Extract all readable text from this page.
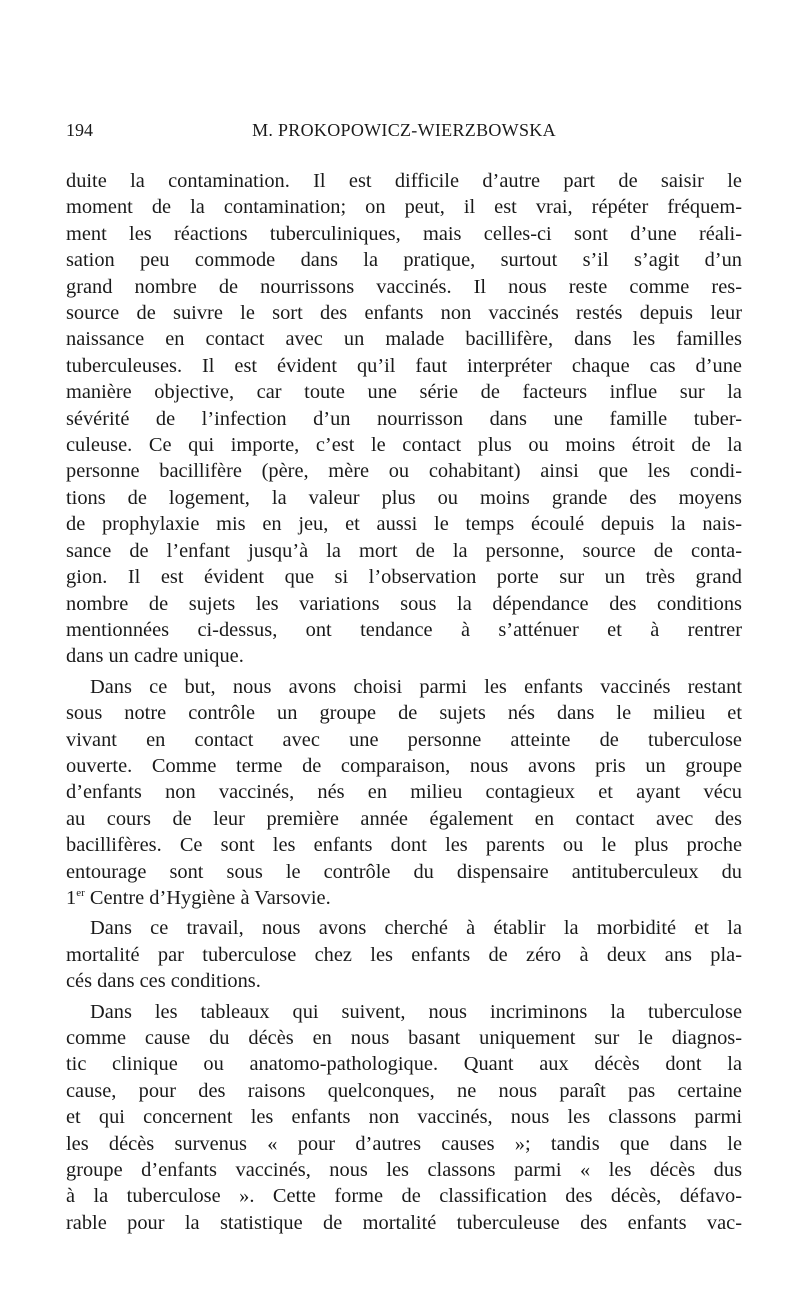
194	M. PROKOPOWICZ-WIERZBOWSKA
duite la contamination. Il est difficile d’autre part de saisir le
moment de la contamination; on peut, il est vrai, répéter fréquem-
ment les réactions tuberculiniques, mais celles-ci sont d’une réali-
sation peu commode dans la pratique, surtout s’il s’agit d’un
grand nombre de nourrissons vaccinés. Il nous reste comme res-
source de suivre le sort des enfants non vaccinés restés depuis leur
naissance en contact avec un malade bacillifère, dans les familles
tuberculeuses. Il est évident qu’il faut interpréter chaque cas d’une
manière objective, car toute une série de facteurs influe sur la
sévérité de l’infection d’un nourrisson dans une famille tuber-
culeuse. Ce qui importe, c’est le contact plus ou moins étroit de la
personne bacillifère (père, mère ou cohabitant) ainsi que les condi-
tions de logement, la valeur plus ou moins grande des moyens
de prophylaxie mis en jeu, et aussi le temps écoulé depuis la nais-
sance de l’enfant jusqu’à la mort de la personne, source de conta-
gion. Il est évident que si l’observation porte sur un très grand
nombre de sujets les variations sous la dépendance des conditions
mentionnées ci-dessus, ont tendance à s’atténuer et à rentrer
dans un cadre unique.
Dans ce but, nous avons choisi parmi les enfants vaccinés restant
sous notre contrôle un groupe de sujets nés dans le milieu et
vivant en contact avec une personne atteinte de tuberculose
ouverte. Comme terme de comparaison, nous avons pris un groupe
d’enfants non vaccinés, nés en milieu contagieux et ayant vécu
au cours de leur première année également en contact avec des
bacillifères. Ce sont les enfants dont les parents ou le plus proche
entourage sont sous le contrôle du dispensaire antituberculeux du
1er Centre d’Hygiène à Varsovie.
Dans ce travail, nous avons cherché à établir la morbidité et la
mortalité par tuberculose chez les enfants de zéro à deux ans pla-
cés dans ces conditions.
Dans les tableaux qui suivent, nous incriminons la tuberculose
comme cause du décès en nous basant uniquement sur le diagnos-
tic clinique ou anatomo-pathologique. Quant aux décès dont la
cause, pour des raisons quelconques, ne nous paraît pas certaine
et qui concernent les enfants non vaccinés, nous les classons parmi
les décès survenus « pour d’autres causes »; tandis que dans le
groupe d’enfants vaccinés, nous les classons parmi « les décès dus
à la tuberculose ». Cette forme de classification des décès, défavo-
rable pour la statistique de mortalité tuberculeuse des enfants vac-
